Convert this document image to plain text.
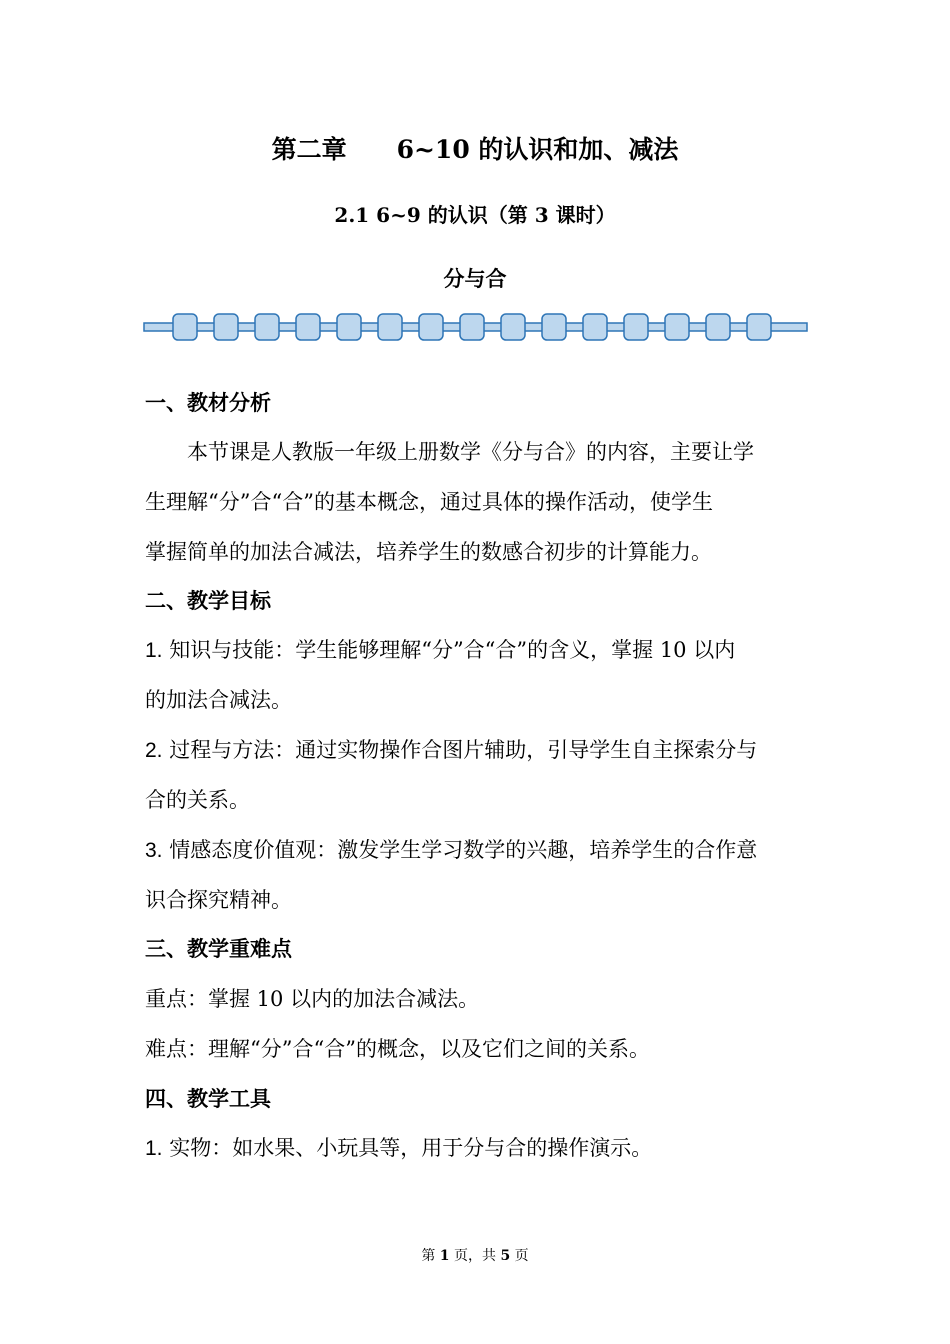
第二章 6~10 的认识和加、减法
2.1 6~9 的认识（第 3 课时）
分与合
一、教材分析
本节课是人教版一年级上册数学《分与合》的内容，主要让学
生理解“分”合“合”的基本概念，通过具体的操作活动，使学生
掌握简单的加法合减法，培养学生的数感合初步的计算能力。
二、教学目标
1. 知识与技能：学生能够理解“分”合“合”的含义，掌握 10 以内
的加法合减法。
2. 过程与方法：通过实物操作合图片辅助，引导学生自主探索分与
合的关系。
3. 情感态度价值观：激发学生学习数学的兴趣，培养学生的合作意
识合探究精神。
三、教学重难点
重点：掌握 10 以内的加法合减法。
难点：理解“分”合“合”的概念，以及它们之间的关系。
四、教学工具
1. 实物：如水果、小玩具等，用于分与合的操作演示。
第 1 页，共 5 页
